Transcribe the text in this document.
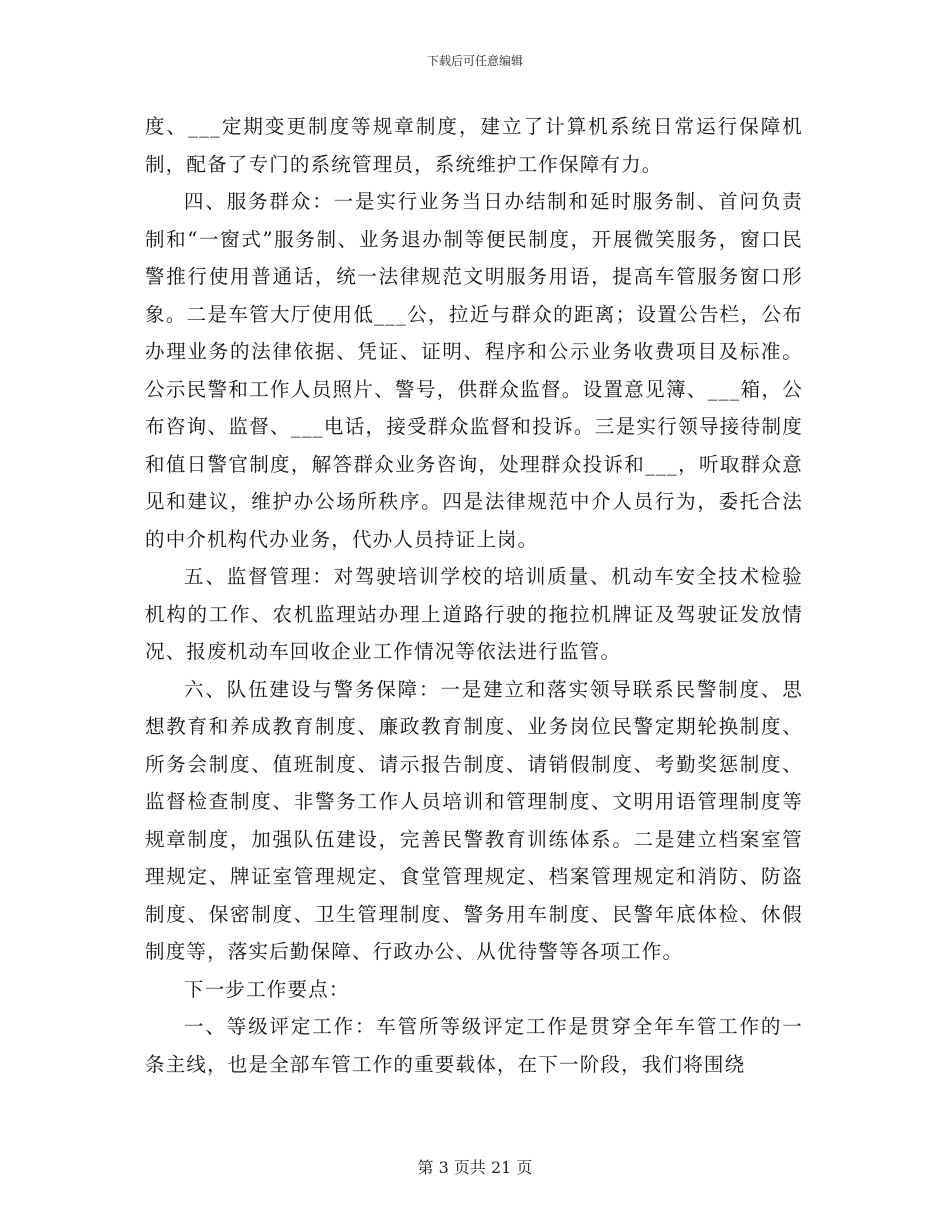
下载后可任意编辑

度、___定期变更制度等规章制度，建立了计算机系统日常运行保障机制，配备了专门的系统管理员，系统维护工作保障有力。

四、服务群众：一是实行业务当日办结制和延时服务制、首问负责制和“一窗式”服务制、业务退办制等便民制度，开展微笑服务，窗口民警推行使用普通话，统一法律规范文明服务用语，提高车管服务窗口形象。二是车管大厅使用低___公，拉近与群众的距离；设置公告栏，公布办理业务的法律依据、凭证、证明、程序和公示业务收费项目及标准。公示民警和工作人员照片、警号，供群众监督。设置意见簿、___箱，公布咨询、监督、___电话，接受群众监督和投诉。三是实行领导接待制度和值日警官制度，解答群众业务咨询，处理群众投诉和___，听取群众意见和建议，维护办公场所秩序。四是法律规范中介人员行为，委托合法的中介机构代办业务，代办人员持证上岗。

五、监督管理：对驾驶培训学校的培训质量、机动车安全技术检验机构的工作、农机监理站办理上道路行驶的拖拉机牌证及驾驶证发放情况、报废机动车回收企业工作情况等依法进行监管。

六、队伍建设与警务保障：一是建立和落实领导联系民警制度、思想教育和养成教育制度、廉政教育制度、业务岗位民警定期轮换制度、所务会制度、值班制度、请示报告制度、请销假制度、考勤奖惩制度、监督检查制度、非警务工作人员培训和管理制度、文明用语管理制度等规章制度，加强队伍建设，完善民警教育训练体系。二是建立档案室管理规定、牌证室管理规定、食堂管理规定、档案管理规定和消防、防盗制度、保密制度、卫生管理制度、警务用车制度、民警年底体检、休假制度等，落实后勤保障、行政办公、从优待警等各项工作。

下一步工作要点：

一、等级评定工作：车管所等级评定工作是贯穿全年车管工作的一条主线，也是全部车管工作的重要载体，在下一阶段，我们将围绕

第 3 页共 21 页
